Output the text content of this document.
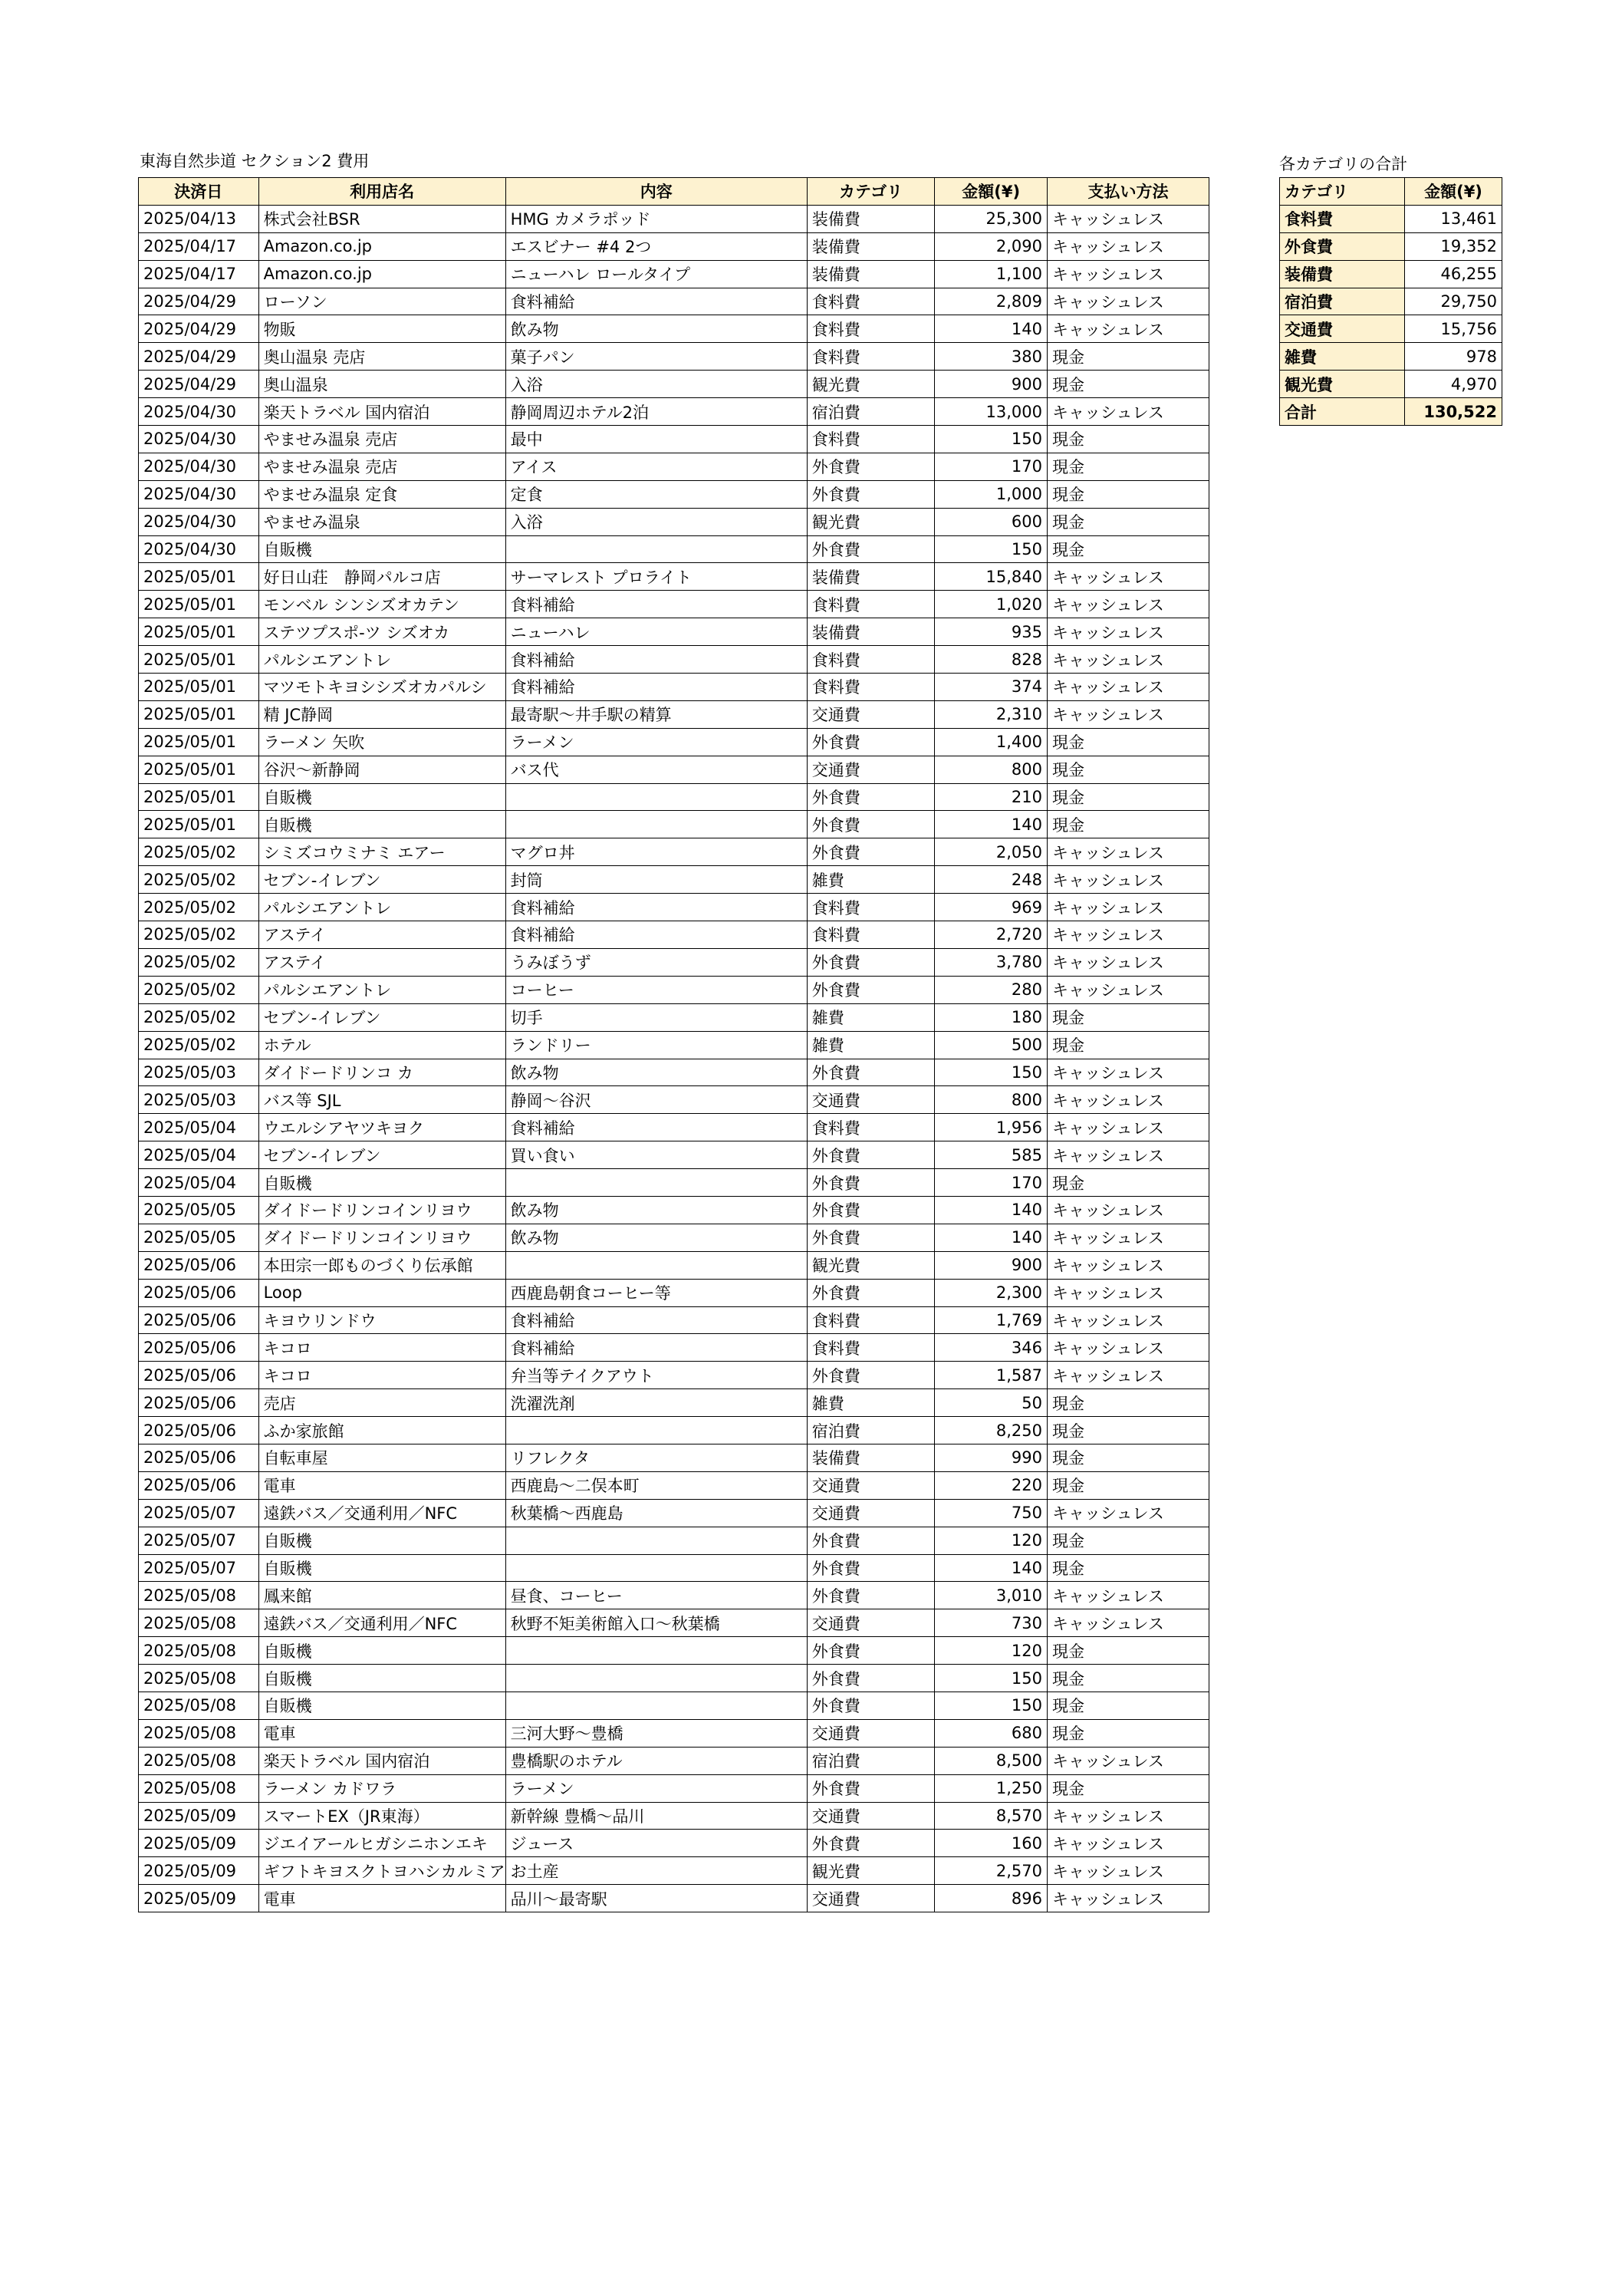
東海自然歩道 セクション2 費用
決済日	利用店名	内容	カテゴリ	金額(¥)	支払い方法
2025/04/13	株式会社BSR	HMG カメラポッド	装備費	25,300	キャッシュレス
2025/04/17	Amazon.co.jp	エスビナー #4 2つ	装備費	2,090	キャッシュレス
2025/04/17	Amazon.co.jp	ニューハレ ロールタイプ	装備費	1,100	キャッシュレス
2025/04/29	ローソン	食料補給	食料費	2,809	キャッシュレス
2025/04/29	物販	飲み物	食料費	140	キャッシュレス
2025/04/29	奥山温泉 売店	菓子パン	食料費	380	現金
2025/04/29	奥山温泉	入浴	観光費	900	現金
2025/04/30	楽天トラベル 国内宿泊	静岡周辺ホテル2泊	宿泊費	13,000	キャッシュレス
2025/04/30	やませみ温泉 売店	最中	食料費	150	現金
2025/04/30	やませみ温泉 売店	アイス	外食費	170	現金
2025/04/30	やませみ温泉 定食	定食	外食費	1,000	現金
2025/04/30	やませみ温泉	入浴	観光費	600	現金
2025/04/30	自販機		外食費	150	現金
2025/05/01	好日山荘　静岡パルコ店	サーマレスト プロライト	装備費	15,840	キャッシュレス
2025/05/01	モンベル シンシズオカテン	食料補給	食料費	1,020	キャッシュレス
2025/05/01	ステツプスポ-ツ シズオカ	ニューハレ	装備費	935	キャッシュレス
2025/05/01	パルシエアントレ	食料補給	食料費	828	キャッシュレス
2025/05/01	マツモトキヨシシズオカパルシ	食料補給	食料費	374	キャッシュレス
2025/05/01	精 JC静岡	最寄駅～井手駅の精算	交通費	2,310	キャッシュレス
2025/05/01	ラーメン 矢吹	ラーメン	外食費	1,400	現金
2025/05/01	谷沢～新静岡	バス代	交通費	800	現金
2025/05/01	自販機		外食費	210	現金
2025/05/01	自販機		外食費	140	現金
2025/05/02	シミズコウミナミ エアー	マグロ丼	外食費	2,050	キャッシュレス
2025/05/02	セブン-イレブン	封筒	雑費	248	キャッシュレス
2025/05/02	パルシエアントレ	食料補給	食料費	969	キャッシュレス
2025/05/02	アステイ	食料補給	食料費	2,720	キャッシュレス
2025/05/02	アステイ	うみぼうず	外食費	3,780	キャッシュレス
2025/05/02	パルシエアントレ	コーヒー	外食費	280	キャッシュレス
2025/05/02	セブン-イレブン	切手	雑費	180	現金
2025/05/02	ホテル	ランドリー	雑費	500	現金
2025/05/03	ダイドードリンコ カ	飲み物	外食費	150	キャッシュレス
2025/05/03	バス等 SJL	静岡～谷沢	交通費	800	キャッシュレス
2025/05/04	ウエルシアヤツキヨク	食料補給	食料費	1,956	キャッシュレス
2025/05/04	セブン-イレブン	買い食い	外食費	585	キャッシュレス
2025/05/04	自販機		外食費	170	現金
2025/05/05	ダイドードリンコインリヨウ	飲み物	外食費	140	キャッシュレス
2025/05/05	ダイドードリンコインリヨウ	飲み物	外食費	140	キャッシュレス
2025/05/06	本田宗一郎ものづくり伝承館		観光費	900	キャッシュレス
2025/05/06	Loop	西鹿島朝食コーヒー等	外食費	2,300	キャッシュレス
2025/05/06	キヨウリンドウ	食料補給	食料費	1,769	キャッシュレス
2025/05/06	キコロ	食料補給	食料費	346	キャッシュレス
2025/05/06	キコロ	弁当等テイクアウト	外食費	1,587	キャッシュレス
2025/05/06	売店	洗濯洗剤	雑費	50	現金
2025/05/06	ふか家旅館		宿泊費	8,250	現金
2025/05/06	自転車屋	リフレクタ	装備費	990	現金
2025/05/06	電車	西鹿島～二俣本町	交通費	220	現金
2025/05/07	遠鉄バス／交通利用／NFC	秋葉橋～西鹿島	交通費	750	キャッシュレス
2025/05/07	自販機		外食費	120	現金
2025/05/07	自販機		外食費	140	現金
2025/05/08	鳳来館	昼食、コーヒー	外食費	3,010	キャッシュレス
2025/05/08	遠鉄バス／交通利用／NFC	秋野不矩美術館入口～秋葉橋	交通費	730	キャッシュレス
2025/05/08	自販機		外食費	120	現金
2025/05/08	自販機		外食費	150	現金
2025/05/08	自販機		外食費	150	現金
2025/05/08	電車	三河大野～豊橋	交通費	680	現金
2025/05/08	楽天トラベル 国内宿泊	豊橋駅のホテル	宿泊費	8,500	キャッシュレス
2025/05/08	ラーメン カドワラ	ラーメン	外食費	1,250	現金
2025/05/09	スマートEX（JR東海）	新幹線 豊橋～品川	交通費	8,570	キャッシュレス
2025/05/09	ジエイアールヒガシニホンエキ	ジュース	外食費	160	キャッシュレス
2025/05/09	ギフトキヨスクトヨハシカルミア	お土産	観光費	2,570	キャッシュレス
2025/05/09	電車	品川～最寄駅	交通費	896	キャッシュレス
各カテゴリの合計
カテゴリ	金額(¥)
食料費	13,461
外食費	19,352
装備費	46,255
宿泊費	29,750
交通費	15,756
雑費	978
観光費	4,970
合計	130,522
